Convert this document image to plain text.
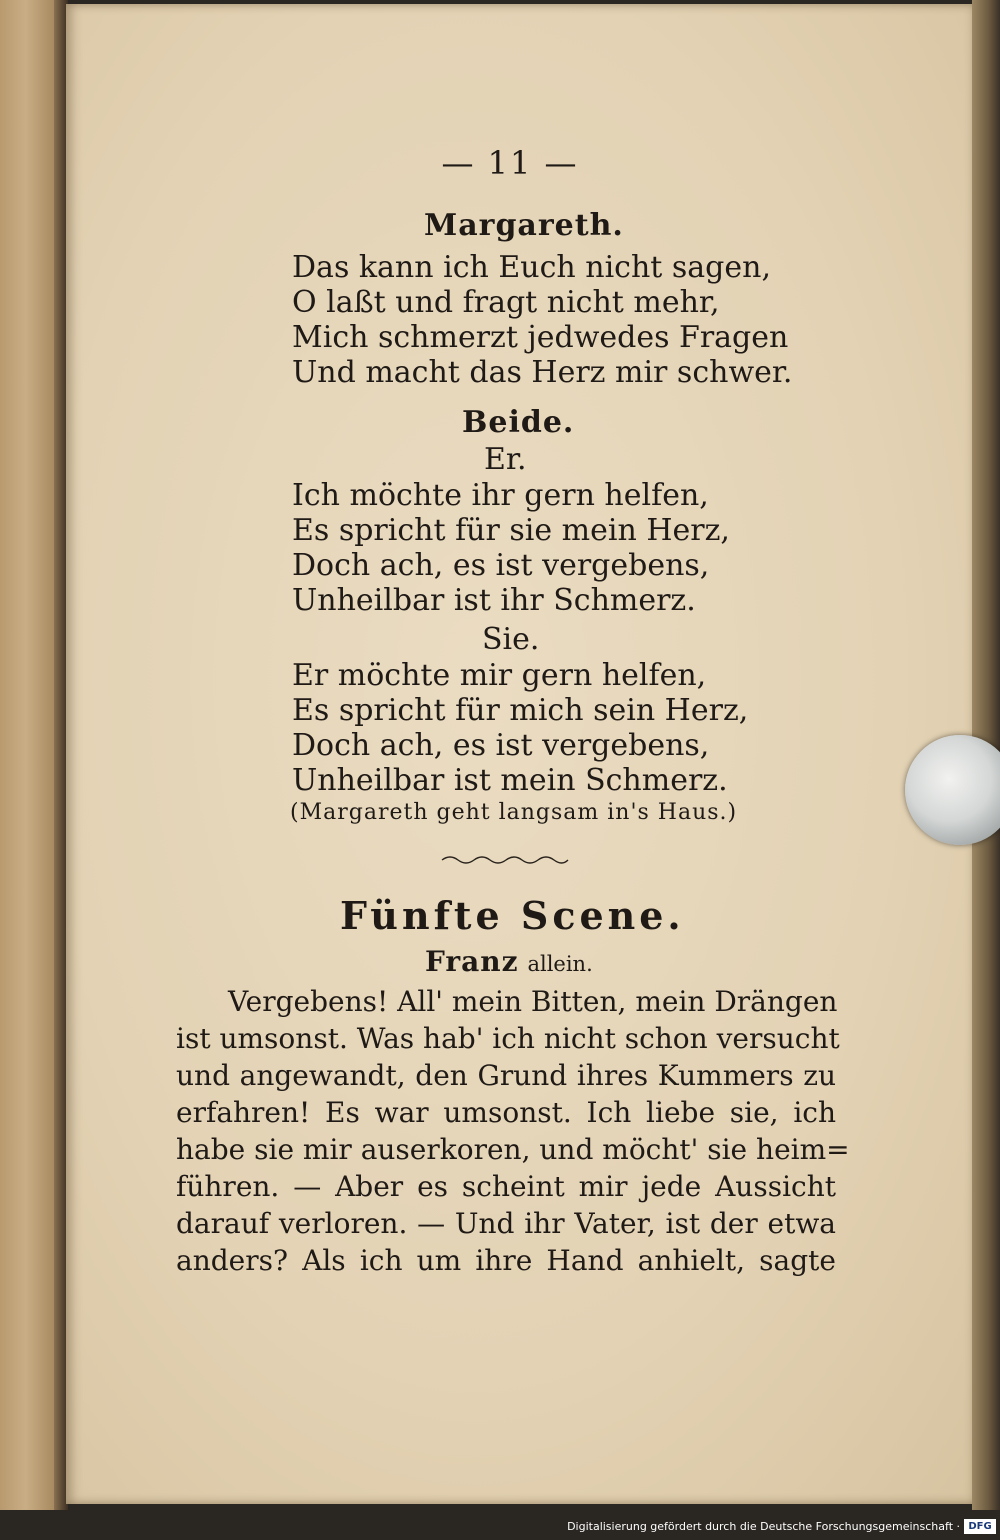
— 11 —

Margareth.

Das kann ich Euch nicht sagen,
O laßt und fragt nicht mehr,
Mich schmerzt jedwedes Fragen
Und macht das Herz mir schwer.

Beide.

Er.

Ich möchte ihr gern helfen,
Es spricht für sie mein Herz,
Doch ach, es ist vergebens,
Unheilbar ist ihr Schmerz.

Sie.

Er möchte mir gern helfen,
Es spricht für mich sein Herz,
Doch ach, es ist vergebens,
Unheilbar ist mein Schmerz.

(Margareth geht langsam in's Haus.)

Fünfte Scene.

Franz allein.

Vergebens! All' mein Bitten, mein Drängen
ist umsonst. Was hab' ich nicht schon versucht
und angewandt, den Grund ihres Kummers zu
erfahren! Es war umsonst. Ich liebe sie, ich
habe sie mir auserkoren, und möcht' sie heim=
führen. — Aber es scheint mir jede Aussicht
darauf verloren. — Und ihr Vater, ist der etwa
anders? Als ich um ihre Hand anhielt, sagte
Digitalisierung gefördert durch die Deutsche Forschungsgemeinschaft · DFG
